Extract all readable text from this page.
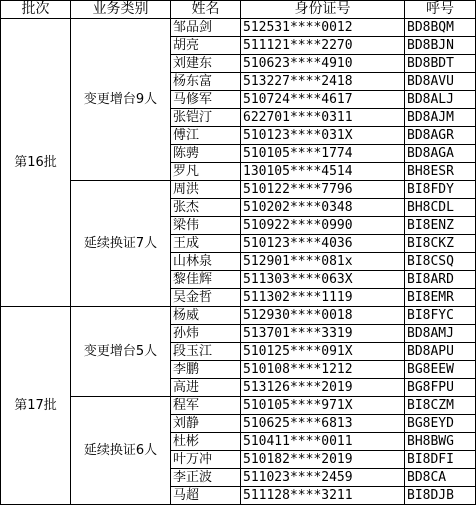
批次	业务类别	姓名	身份证号	呼号
第16批	变更增台9人	邹品剑	512531****0012	BD8BQM
		胡亮	511121****2270	BD8BJN
		刘建东	510623****4910	BD8BDT
		杨东富	513227****2418	BD8AVU
		马修军	510724****4617	BD8ALJ
		张铠汀	622701****0311	BD8AJM
		傅江	510123****031X	BD8AGR
		陈骋	510105****1774	BD8AGA
		罗凡	130105****4514	BH8ESR
	延续换证7人	周洪	510122****7796	BI8FDY
		张杰	510202****0348	BH8CDL
		梁伟	510922****0990	BI8ENZ
		王成	510123****4036	BI8CKZ
		山林泉	512901****081x	BI8CSQ
		黎佳辉	511303****063X	BI8ARD
		吴金哲	511302****1119	BI8EMR
第17批	变更增台5人	杨威	512930****0018	BI8FYC
		孙炜	513701****3319	BD8AMJ
		段玉江	510125****091X	BD8APU
		李鹏	510108****1212	BG8EEW
		高进	513126****2019	BG8FPU
	延续换证6人	程军	510105****971X	BI8CZM
		刘静	510625****6813	BG8EYD
		杜彬	510411****0011	BH8BWG
		叶万冲	510182****2019	BI8DFI
		李正波	511023****2459	BD8CA
		马超	511128****3211	BI8DJB
